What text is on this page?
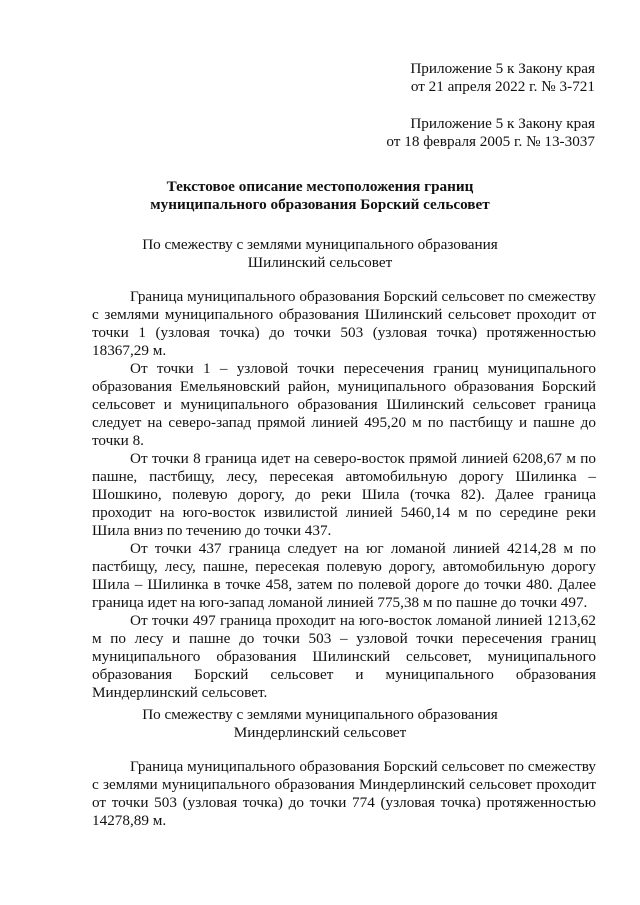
Приложение 5 к Закону края
от 21 апреля 2022 г. № 3-721
Приложение 5 к Закону края
от 18 февраля 2005 г. № 13-3037
Текстовое описание местоположения границ
муниципального образования Борский сельсовет
По смежеству с землями муниципального образования
Шилинский сельсовет

Граница муниципального образования Борский сельсовет по смежеству с землями муниципального образования Шилинский сельсовет проходит от точки 1 (узловая точка) до точки 503 (узловая точка) протяженностью 18367,29 м.

От точки 1 – узловой точки пересечения границ муниципального образования Емельяновский район, муниципального образования Борский сельсовет и муниципального образования Шилинский сельсовет граница следует на северо-запад прямой линией 495,20 м по пастбищу и пашне до точки 8.

От точки 8 граница идет на северо-восток прямой линией 6208,67 м по пашне, пастбищу, лесу, пересекая автомобильную дорогу Шилинка – Шошкино, полевую дорогу, до реки Шила (точка 82). Далее граница проходит на юго-восток извилистой линией 5460,14 м по середине реки Шила вниз по течению до точки 437.

От точки 437 граница следует на юг ломаной линией 4214,28 м по пастбищу, лесу, пашне, пересекая полевую дорогу, автомобильную дорогу Шила – Шилинка в точке 458, затем по полевой дороге до точки 480. Далее граница идет на юго-запад ломаной линией 775,38 м по пашне до точки 497.

От точки 497 граница проходит на юго-восток ломаной линией 1213,62 м по лесу и пашне до точки 503 – узловой точки пересечения границ муниципального образования Шилинский сельсовет, муниципального образования Борский сельсовет и муниципального образования Миндерлинский сельсовет.

По смежеству с землями муниципального образования
Миндерлинский сельсовет

Граница муниципального образования Борский сельсовет по смежеству с землями муниципального образования Миндерлинский сельсовет проходит от точки 503 (узловая точка) до точки 774 (узловая точка) протяженностью 14278,89 м.
